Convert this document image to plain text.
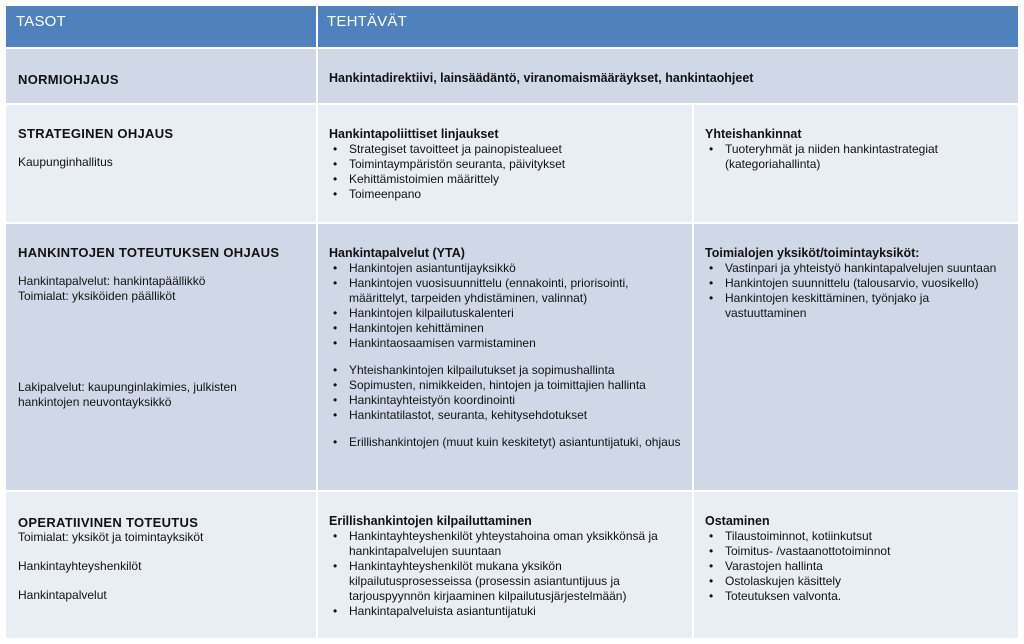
TASOT	TEHTÄVÄT
NORMIOHJAUS	Hankintadirektiivi, lainsäädäntö, viranomaismääräykset, hankintaohjeet
STRATEGINEN OHJAUS
Kaupunginhallitus
Hankintapoliittiset linjaukset
• Strategiset tavoitteet ja painopistealueet
• Toimintaympäristön seuranta, päivitykset
• Kehittämistoimien määrittely
• Toimeenpano
Yhteishankinnat
• Tuoteryhmät ja niiden hankintastrategiat (kategoriahallinta)
HANKINTOJEN TOTEUTUKSEN OHJAUS
Hankintapalvelut: hankintapäällikkö
Toimialat: yksiköiden päälliköt
Lakipalvelut: kaupunginlakimies, julkisten hankintojen neuvontayksikkö
Hankintapalvelut (YTA)
• Hankintojen asiantuntijayksikkö
• Hankintojen vuosisuunnittelu (ennakointi, priorisointi, määrittelyt, tarpeiden yhdistäminen, valinnat)
• Hankintojen kilpailutuskalenteri
• Hankintojen kehittäminen
• Hankintaosaamisen varmistaminen
• Yhteishankintojen kilpailutukset ja sopimushallinta
• Sopimusten, nimikkeiden, hintojen ja toimittajien hallinta
• Hankintayhteistyön koordinointi
• Hankintatilastot, seuranta, kehitysehdotukset
• Erillishankintojen (muut kuin keskitetyt) asiantuntijatuki, ohjaus
Toimialojen yksiköt/toimintayksiköt:
• Vastinpari ja yhteistyö hankintapalvelujen suuntaan
• Hankintojen suunnittelu (talousarvio, vuosikello)
• Hankintojen keskittäminen, työnjako ja vastuuttaminen
OPERATIIVINEN TOTEUTUS
Toimialat: yksiköt ja toimintayksiköt
Hankintayhteyshenkilöt
Hankintapalvelut
Erillishankintojen kilpailuttaminen
• Hankintayhteyshenkilöt yhteystahoina oman yksikkönsä ja hankintapalvelujen suuntaan
• Hankintayhteyshenkilöt mukana yksikön kilpailutusprosesseissa (prosessin asiantuntijuus ja tarjouspyynnön kirjaaminen kilpailutusjärjestelmään)
• Hankintapalveluista asiantuntijatuki
Ostaminen
• Tilaustoiminnot, kotiinkutsut
• Toimitus- /vastaanottotoiminnot
• Varastojen hallinta
• Ostolaskujen käsittely
• Toteutuksen valvonta.
